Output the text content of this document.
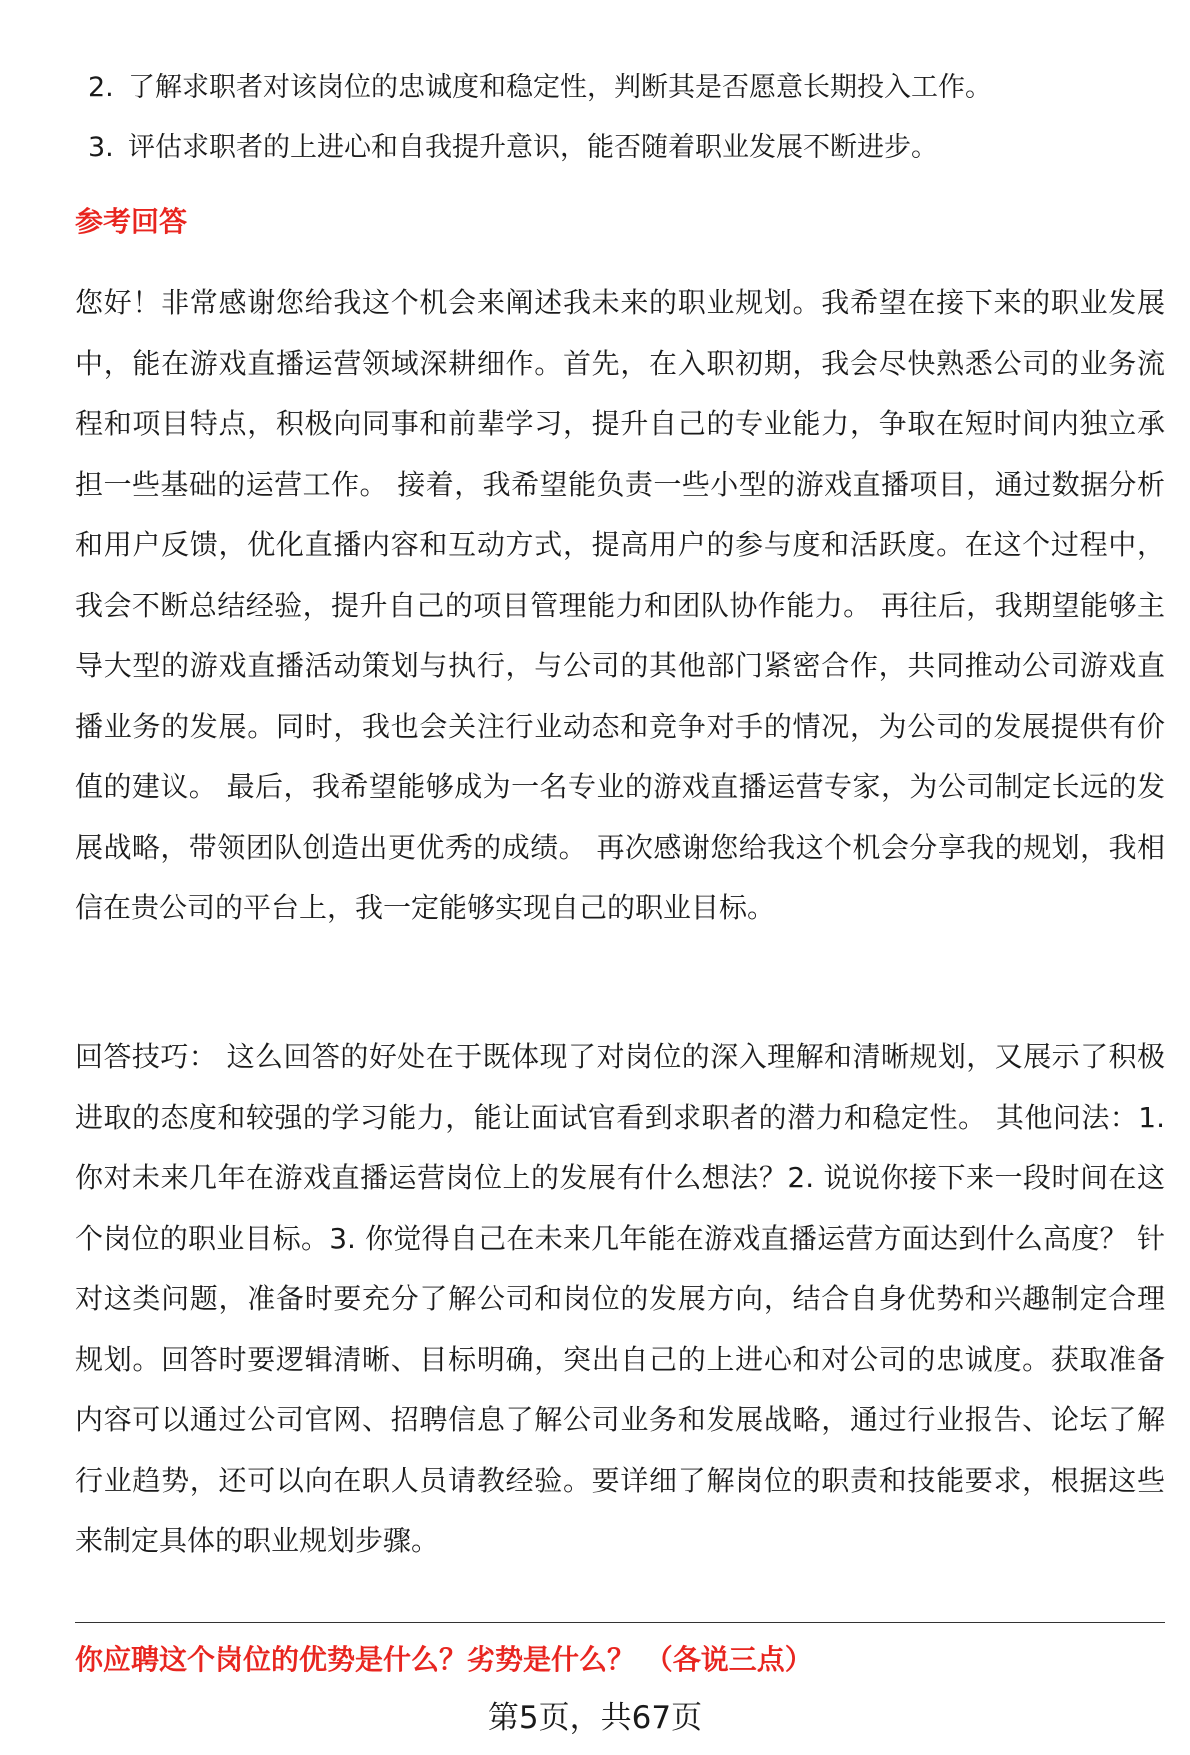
2. 了解求职者对该岗位的忠诚度和稳定性，判断其是否愿意长期投入工作。
3. 评估求职者的上进心和自我提升意识，能否随着职业发展不断进步。
参考回答

您好！非常感谢您给我这个机会来阐述我未来的职业规划。我希望在接下来的职业发展中，能在游戏直播运营领域深耕细作。首先，在入职初期，我会尽快熟悉公司的业务流程和项目特点，积极向同事和前辈学习，提升自己的专业能力，争取在短时间内独立承担一些基础的运营工作。 接着，我希望能负责一些小型的游戏直播项目，通过数据分析和用户反馈，优化直播内容和互动方式，提高用户的参与度和活跃度。在这个过程中，我会不断总结经验，提升自己的项目管理能力和团队协作能力。 再往后，我期望能够主导大型的游戏直播活动策划与执行，与公司的其他部门紧密合作，共同推动公司游戏直播业务的发展。同时，我也会关注行业动态和竞争对手的情况，为公司的发展提供有价值的建议。 最后，我希望能够成为一名专业的游戏直播运营专家，为公司制定长远的发展战略，带领团队创造出更优秀的成绩。 再次感谢您给我这个机会分享我的规划，我相信在贵公司的平台上，我一定能够实现自己的职业目标。

回答技巧： 这么回答的好处在于既体现了对岗位的深入理解和清晰规划，又展示了积极进取的态度和较强的学习能力，能让面试官看到求职者的潜力和稳定性。 其他问法：1. 你对未来几年在游戏直播运营岗位上的发展有什么想法？2. 说说你接下来一段时间在这个岗位的职业目标。3. 你觉得自己在未来几年能在游戏直播运营方面达到什么高度？ 针对这类问题，准备时要充分了解公司和岗位的发展方向，结合自身优势和兴趣制定合理规划。回答时要逻辑清晰、目标明确，突出自己的上进心和对公司的忠诚度。获取准备内容可以通过公司官网、招聘信息了解公司业务和发展战略，通过行业报告、论坛了解行业趋势，还可以向在职人员请教经验。要详细了解岗位的职责和技能要求，根据这些来制定具体的职业规划步骤。

你应聘这个岗位的优势是什么？劣势是什么？ （各说三点）
第5页，共67页
